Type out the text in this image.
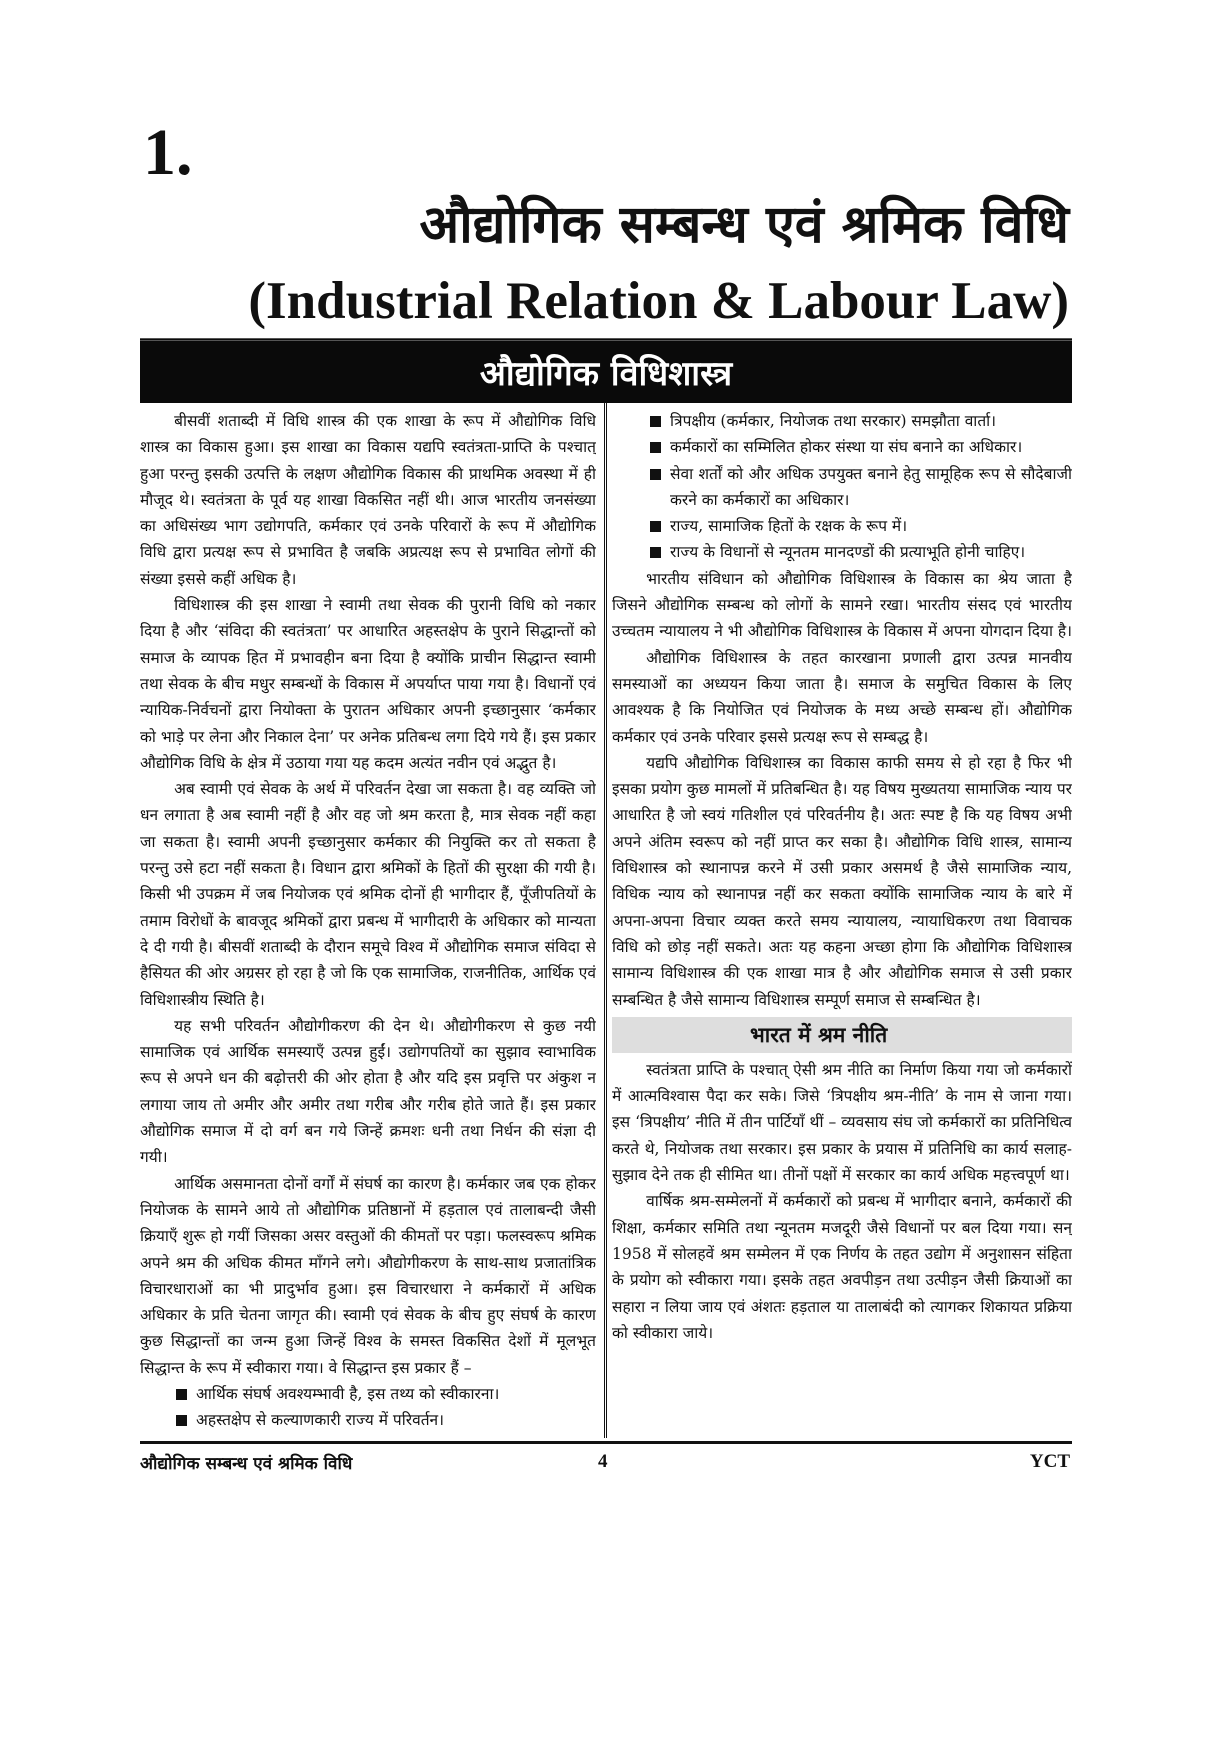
1.
औद्योगिक सम्बन्ध एवं श्रमिक विधि
(Industrial Relation & Labour Law)
औद्योगिक विधिशास्त्र

बीसवीं शताब्दी में विधि शास्त्र की एक शाखा के रूप में औद्योगिक विधि शास्त्र का विकास हुआ। इस शाखा का विकास यद्यपि स्वतंत्रता-प्राप्ति के पश्चात् हुआ परन्तु इसकी उत्पत्ति के लक्षण औद्योगिक विकास की प्राथमिक अवस्था में ही मौजूद थे। स्वतंत्रता के पूर्व यह शाखा विकसित नहीं थी। आज भारतीय जनसंख्या का अधिसंख्य भाग उद्योगपति, कर्मकार एवं उनके परिवारों के रूप में औद्योगिक विधि द्वारा प्रत्यक्ष रूप से प्रभावित है जबकि अप्रत्यक्ष रूप से प्रभावित लोगों की संख्या इससे कहीं अधिक है।

विधिशास्त्र की इस शाखा ने स्वामी तथा सेवक की पुरानी विधि को नकार दिया है और ‘संविदा की स्वतंत्रता’ पर आधारित अहस्तक्षेप के पुराने सिद्धान्तों को समाज के व्यापक हित में प्रभावहीन बना दिया है क्योंकि प्राचीन सिद्धान्त स्वामी तथा सेवक के बीच मधुर सम्बन्धों के विकास में अपर्याप्त पाया गया है। विधानों एवं न्यायिक-निर्वचनों द्वारा नियोक्ता के पुरातन अधिकार अपनी इच्छानुसार ‘कर्मकार को भाड़े पर लेना और निकाल देना’ पर अनेक प्रतिबन्ध लगा दिये गये हैं। इस प्रकार औद्योगिक विधि के क्षेत्र में उठाया गया यह कदम अत्यंत नवीन एवं अद्भुत है।

अब स्वामी एवं सेवक के अर्थ में परिवर्तन देखा जा सकता है। वह व्यक्ति जो धन लगाता है अब स्वामी नहीं है और वह जो श्रम करता है, मात्र सेवक नहीं कहा जा सकता है। स्वामी अपनी इच्छानुसार कर्मकार की नियुक्ति कर तो सकता है परन्तु उसे हटा नहीं सकता है। विधान द्वारा श्रमिकों के हितों की सुरक्षा की गयी है। किसी भी उपक्रम में जब नियोजक एवं श्रमिक दोनों ही भागीदार हैं, पूँजीपतियों के तमाम विरोधों के बावजूद श्रमिकों द्वारा प्रबन्ध में भागीदारी के अधिकार को मान्यता दे दी गयी है। बीसवीं शताब्दी के दौरान समूचे विश्व में औद्योगिक समाज संविदा से हैसियत की ओर अग्रसर हो रहा है जो कि एक सामाजिक, राजनीतिक, आर्थिक एवं विधिशास्त्रीय स्थिति है।

यह सभी परिवर्तन औद्योगीकरण की देन थे। औद्योगीकरण से कुछ नयी सामाजिक एवं आर्थिक समस्याएँ उत्पन्न हुईं। उद्योगपतियों का सुझाव स्वाभाविक रूप से अपने धन की बढ़ोत्तरी की ओर होता है और यदि इस प्रवृत्ति पर अंकुश न लगाया जाय तो अमीर और अमीर तथा गरीब और गरीब होते जाते हैं। इस प्रकार औद्योगिक समाज में दो वर्ग बन गये जिन्हें क्रमशः धनी तथा निर्धन की संज्ञा दी गयी।

आर्थिक असमानता दोनों वर्गों में संघर्ष का कारण है। कर्मकार जब एक होकर नियोजक के सामने आये तो औद्योगिक प्रतिष्ठानों में हड़ताल एवं तालाबन्दी जैसी क्रियाएँ शुरू हो गयीं जिसका असर वस्तुओं की कीमतों पर पड़ा। फलस्वरूप श्रमिक अपने श्रम की अधिक कीमत माँगने लगे। औद्योगीकरण के साथ-साथ प्रजातांत्रिक विचारधाराओं का भी प्रादुर्भाव हुआ। इस विचारधारा ने कर्मकारों में अधिक अधिकार के प्रति चेतना जागृत की। स्वामी एवं सेवक के बीच हुए संघर्ष के कारण कुछ सिद्धान्तों का जन्म हुआ जिन्हें विश्व के समस्त विकसित देशों में मूलभूत सिद्धान्त के रूप में स्वीकारा गया। वे सिद्धान्त इस प्रकार हैं –

आर्थिक संघर्ष अवश्यम्भावी है, इस तथ्य को स्वीकारना।
अहस्तक्षेप से कल्याणकारी राज्य में परिवर्तन।
त्रिपक्षीय (कर्मकार, नियोजक तथा सरकार) समझौता वार्ता।
कर्मकारों का सम्मिलित होकर संस्था या संघ बनाने का अधिकार।
सेवा शर्तों को और अधिक उपयुक्त बनाने हेतु सामूहिक रूप से सौदेबाजी करने का कर्मकारों का अधिकार।
राज्य, सामाजिक हितों के रक्षक के रूप में।
राज्य के विधानों से न्यूनतम मानदण्डों की प्रत्याभूति होनी चाहिए।

भारतीय संविधान को औद्योगिक विधिशास्त्र के विकास का श्रेय जाता है जिसने औद्योगिक सम्बन्ध को लोगों के सामने रखा। भारतीय संसद एवं भारतीय उच्चतम न्यायालय ने भी औद्योगिक विधिशास्त्र के विकास में अपना योगदान दिया है।

औद्योगिक विधिशास्त्र के तहत कारखाना प्रणाली द्वारा उत्पन्न मानवीय समस्याओं का अध्ययन किया जाता है। समाज के समुचित विकास के लिए आवश्यक है कि नियोजित एवं नियोजक के मध्य अच्छे सम्बन्ध हों। औद्योगिक कर्मकार एवं उनके परिवार इससे प्रत्यक्ष रूप से सम्बद्ध है।

यद्यपि औद्योगिक विधिशास्त्र का विकास काफी समय से हो रहा है फिर भी इसका प्रयोग कुछ मामलों में प्रतिबन्धित है। यह विषय मुख्यतया सामाजिक न्याय पर आधारित है जो स्वयं गतिशील एवं परिवर्तनीय है। अतः स्पष्ट है कि यह विषय अभी अपने अंतिम स्वरूप को नहीं प्राप्त कर सका है। औद्योगिक विधि शास्त्र, सामान्य विधिशास्त्र को स्थानापन्न करने में उसी प्रकार असमर्थ है जैसे सामाजिक न्याय, विधिक न्याय को स्थानापन्न नहीं कर सकता क्योंकि सामाजिक न्याय के बारे में अपना-अपना विचार व्यक्त करते समय न्यायालय, न्यायाधिकरण तथा विवाचक विधि को छोड़ नहीं सकते। अतः यह कहना अच्छा होगा कि औद्योगिक विधिशास्त्र सामान्य विधिशास्त्र की एक शाखा मात्र है और औद्योगिक समाज से उसी प्रकार सम्बन्धित है जैसे सामान्य विधिशास्त्र सम्पूर्ण समाज से सम्बन्धित है।

भारत में श्रम नीति

स्वतंत्रता प्राप्ति के पश्चात् ऐसी श्रम नीति का निर्माण किया गया जो कर्मकारों में आत्मविश्वास पैदा कर सके। जिसे ‘त्रिपक्षीय श्रम-नीति’ के नाम से जाना गया। इस ‘त्रिपक्षीय’ नीति में तीन पार्टियाँ थीं – व्यवसाय संघ जो कर्मकारों का प्रतिनिधित्व करते थे, नियोजक तथा सरकार। इस प्रकार के प्रयास में प्रतिनिधि का कार्य सलाह-सुझाव देने तक ही सीमित था। तीनों पक्षों में सरकार का कार्य अधिक महत्त्वपूर्ण था।

वार्षिक श्रम-सम्मेलनों में कर्मकारों को प्रबन्ध में भागीदार बनाने, कर्मकारों की शिक्षा, कर्मकार समिति तथा न्यूनतम मजदूरी जैसे विधानों पर बल दिया गया। सन् 1958 में सोलहवें श्रम सम्मेलन में एक निर्णय के तहत उद्योग में अनुशासन संहिता के प्रयोग को स्वीकारा गया। इसके तहत अवपीड़न तथा उत्पीड़न जैसी क्रियाओं का सहारा न लिया जाय एवं अंशतः हड़ताल या तालाबंदी को त्यागकर शिकायत प्रक्रिया को स्वीकारा जाये।

औद्योगिक सम्बन्ध एवं श्रमिक विधि	4	YCT
